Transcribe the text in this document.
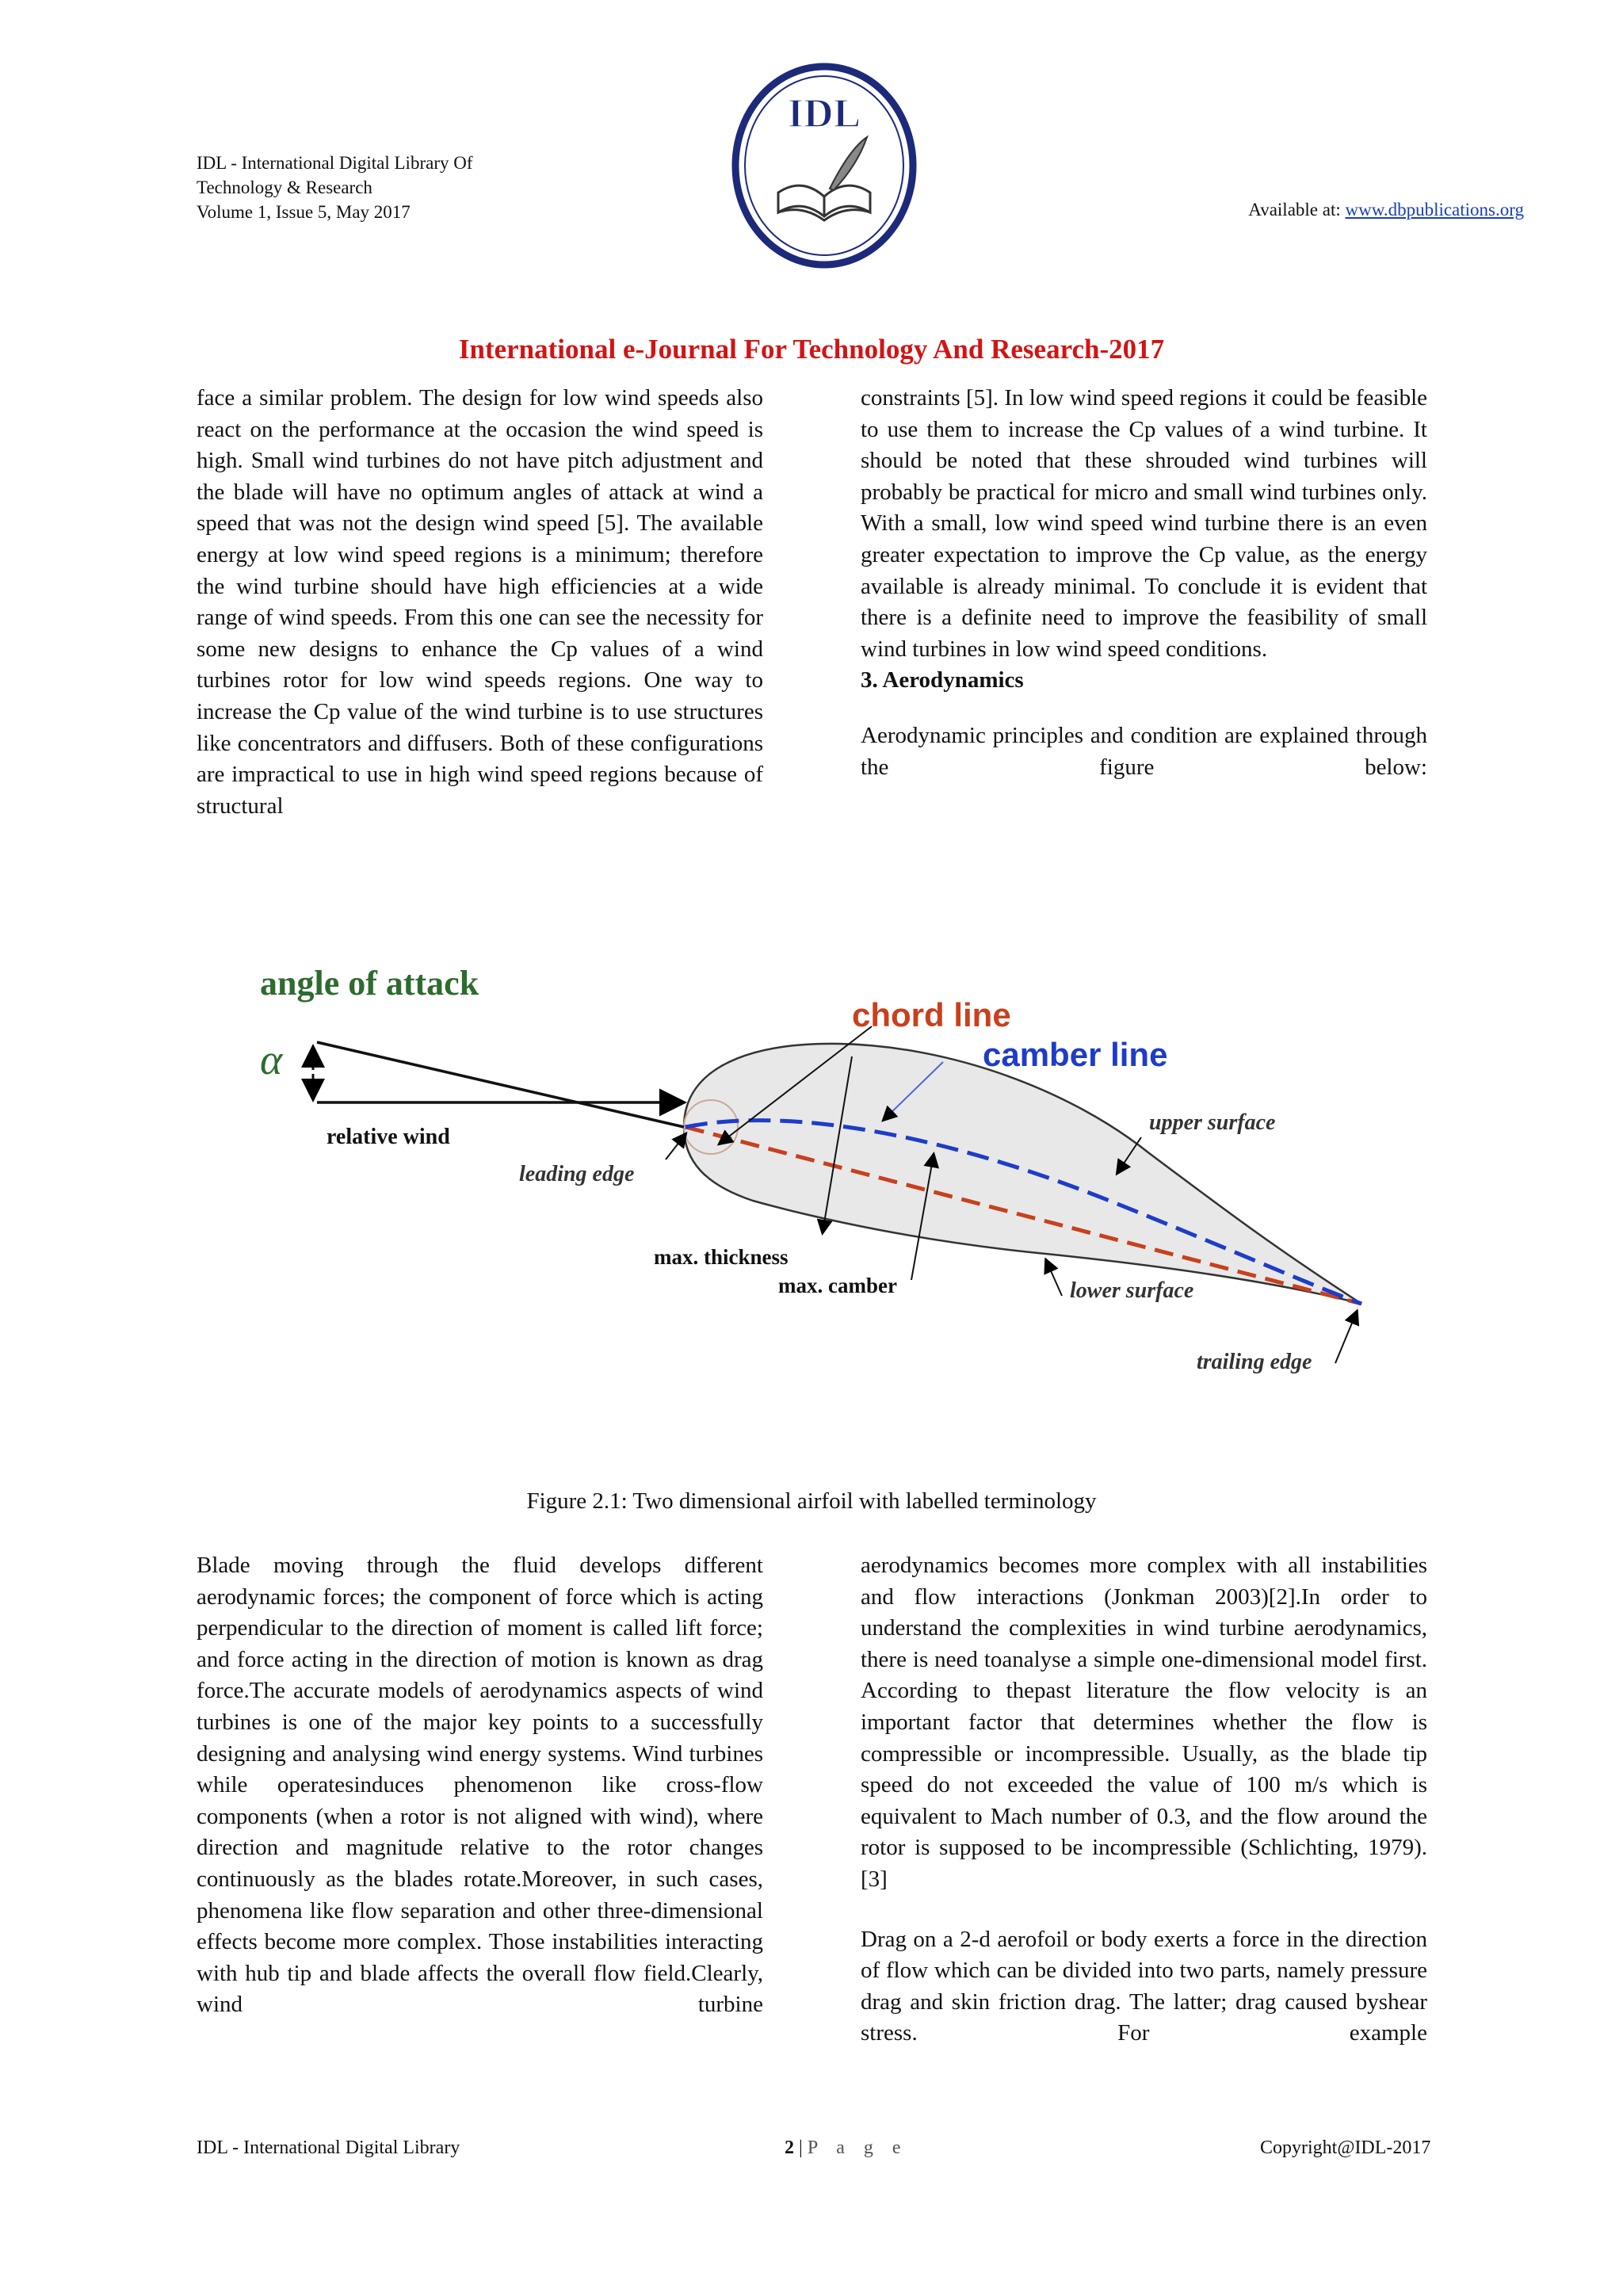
IDL - International Digital Library Of
Technology & Research
Volume 1, Issue 5, May 2017
IDL
Available at: www.dbpublications.org
International e-Journal For Technology And Research-2017

face a similar problem. The design for low wind speeds also react on the performance at the occasion the wind speed is high. Small wind turbines do not have pitch adjustment and the blade will have no optimum angles of attack at wind a speed that was not the design wind speed [5]. The available energy at low wind speed regions is a minimum; therefore the wind turbine should have high efficiencies at a wide range of wind speeds. From this one can see the necessity for some new designs to enhance the Cp values of a wind turbines rotor for low wind speeds regions. One way to increase the Cp value of the wind turbine is to use structures like concentrators and diffusers. Both of these configurations are impractical to use in high wind speed regions because of structural

constraints [5]. In low wind speed regions it could be feasible to use them to increase the Cp values of a wind turbine. It should be noted that these shrouded wind turbines will probably be practical for micro and small wind turbines only. With a small, low wind speed wind turbine there is an even greater expectation to improve the Cp value, as the energy available is already minimal. To conclude it is evident that there is a definite need to improve the feasibility of small wind turbines in low wind speed conditions.

3. Aerodynamics

Aerodynamic principles and condition are explained through the figure below:

angle of attack
α
relative wind
leading edge
chord line
camber line
upper surface
max. thickness
max. camber	lower surface
trailing edge
Figure 2.1: Two dimensional airfoil with labelled terminology

Blade moving through the fluid develops different aerodynamic forces; the component of force which is acting perpendicular to the direction of moment is called lift force; and force acting in the direction of motion is known as drag force.The accurate models of aerodynamics aspects of wind turbines is one of the major key points to a successfully designing and analysing wind energy systems. Wind turbines while operatesinduces phenomenon like cross-flow components (when a rotor is not aligned with wind), where direction and magnitude relative to the rotor changes continuously as the blades rotate.Moreover, in such cases, phenomena like flow separation and other three-dimensional effects become more complex. Those instabilities interacting with hub tip and blade affects the overall flow field.Clearly, wind turbine

aerodynamics becomes more complex with all instabilities and flow interactions (Jonkman 2003)[2].In order to understand the complexities in wind turbine aerodynamics, there is need toanalyse a simple one-dimensional model first. According to thepast literature the flow velocity is an important factor that determines whether the flow is compressible or incompressible. Usually, as the blade tip speed do not exceeded the value of 100 m/s which is equivalent to Mach number of 0.3, and the flow around the rotor is supposed to be incompressible (Schlichting, 1979).[3]

Drag on a 2-d aerofoil or body exerts a force in the direction of flow which can be divided into two parts, namely pressure drag and skin friction drag. The latter; drag caused byshear stress. For example

IDL - International Digital Library	2 | P a g e	Copyright@IDL-2017
